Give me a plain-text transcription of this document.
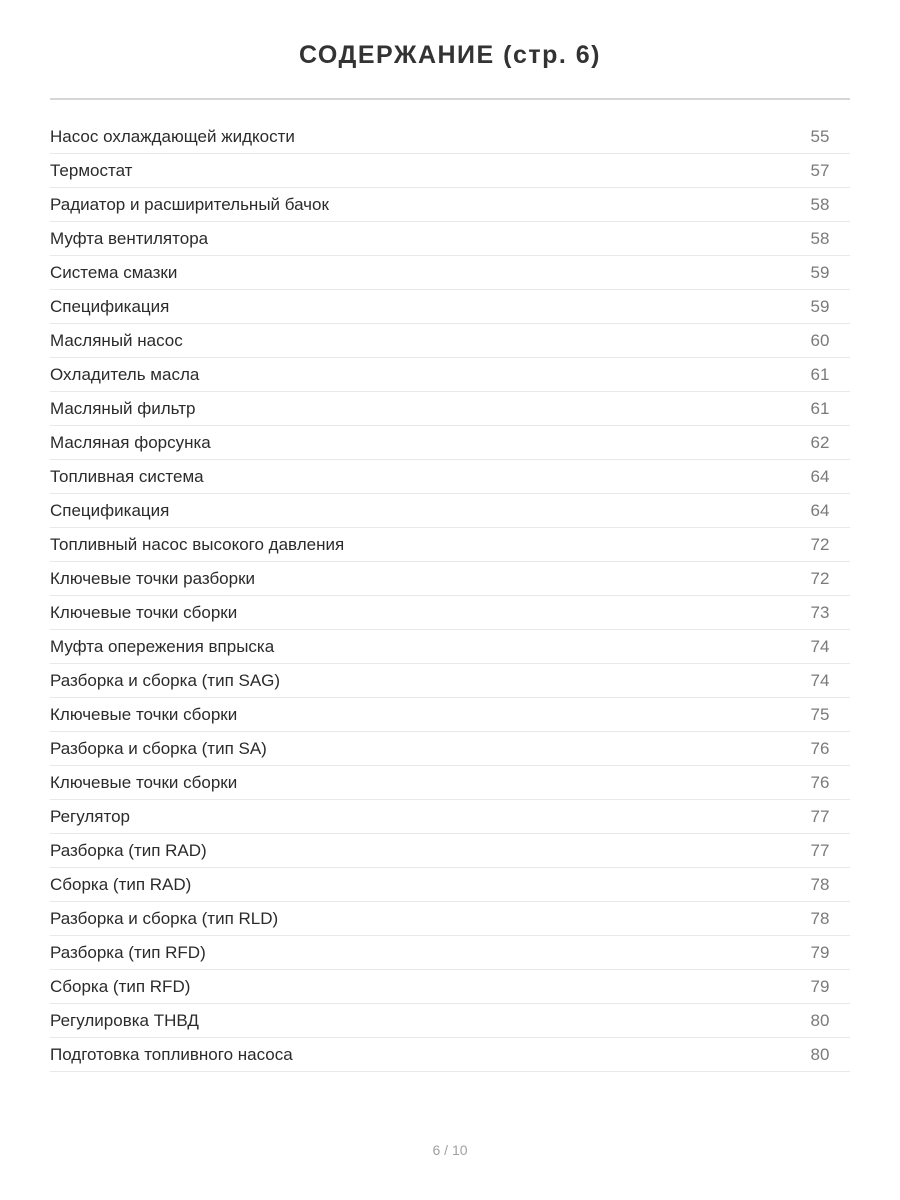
СОДЕРЖАНИЕ (стр. 6)
Насос охлаждающей жидкости	55
Термостат	57
Радиатор и расширительный бачок	58
Муфта вентилятора	58
Система смазки	59
Спецификация	59
Масляный насос	60
Охладитель масла	61
Масляный фильтр	61
Масляная форсунка	62
Топливная система	64
Спецификация	64
Топливный насос высокого давления	72
Ключевые точки разборки	72
Ключевые точки сборки	73
Муфта опережения впрыска	74
Разборка и сборка (тип SAG)	74
Ключевые точки сборки	75
Разборка и сборка (тип SA)	76
Ключевые точки сборки	76
Регулятор	77
Разборка (тип RAD)	77
Сборка (тип RAD)	78
Разборка и сборка (тип RLD)	78
Разборка (тип RFD)	79
Сборка (тип RFD)	79
Регулировка ТНВД	80
Подготовка топливного насоса	80
6 / 10
